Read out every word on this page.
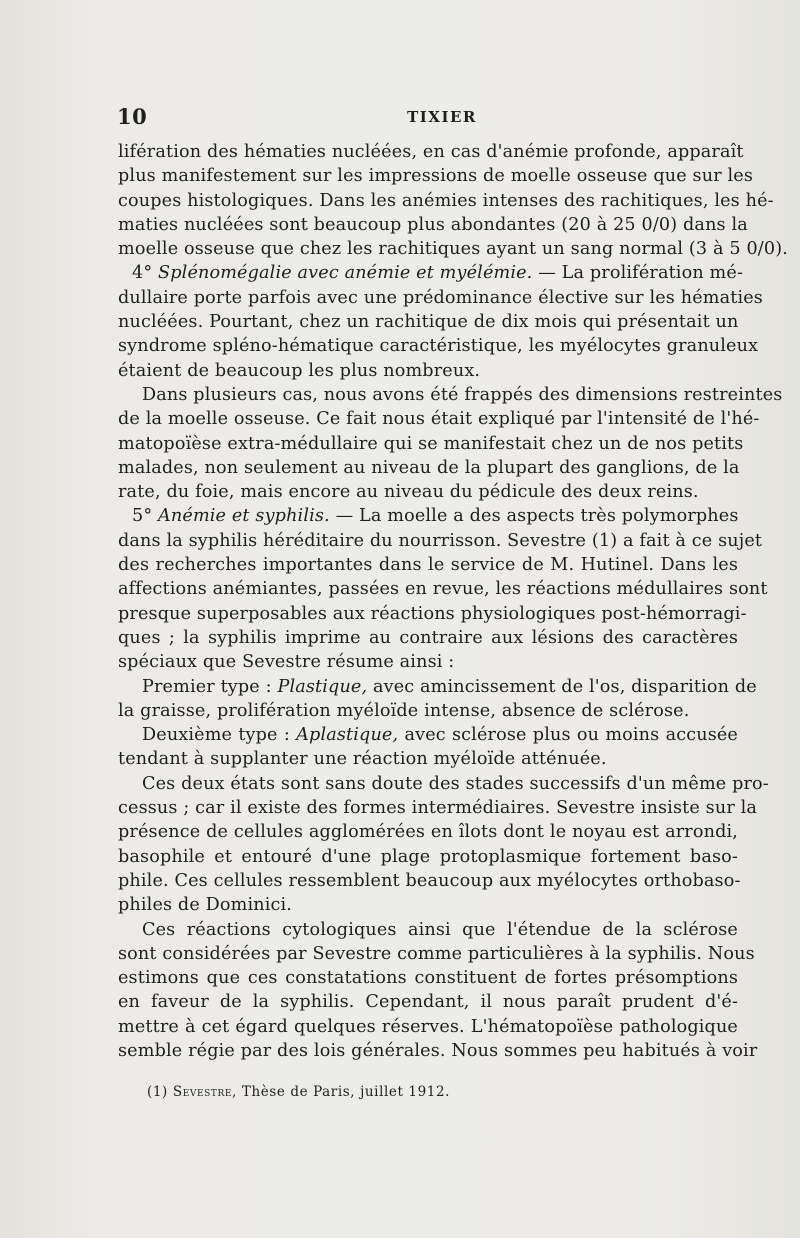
10	TIXIER
lifération des hématies nucléées, en cas d'anémie profonde, apparaît
plus manifestement sur les impressions de moelle osseuse que sur les
coupes histologiques. Dans les anémies intenses des rachitiques, les hé-
maties nucléées sont beaucoup plus abondantes (20 à 25 0/0) dans la
moelle osseuse que chez les rachitiques ayant un sang normal (3 à 5 0/0).
4° Splénomégalie avec anémie et myélémie. — La prolifération mé-
dullaire porte parfois avec une prédominance élective sur les hématies
nucléées. Pourtant, chez un rachitique de dix mois qui présentait un
syndrome spléno-hématique caractéristique, les myélocytes granuleux
étaient de beaucoup les plus nombreux.
Dans plusieurs cas, nous avons été frappés des dimensions restreintes
de la moelle osseuse. Ce fait nous était expliqué par l'intensité de l'hé-
matopoïèse extra-médullaire qui se manifestait chez un de nos petits
malades, non seulement au niveau de la plupart des ganglions, de la
rate, du foie, mais encore au niveau du pédicule des deux reins.
5° Anémie et syphilis. — La moelle a des aspects très polymorphes
dans la syphilis héréditaire du nourrisson. Sevestre (1) a fait à ce sujet
des recherches importantes dans le service de M. Hutinel. Dans les
affections anémiantes, passées en revue, les réactions médullaires sont
presque superposables aux réactions physiologiques post-hémorragi-
ques ; la syphilis imprime au contraire aux lésions des caractères
spéciaux que Sevestre résume ainsi :
Premier type : Plastique, avec amincissement de l'os, disparition de
la graisse, prolifération myéloïde intense, absence de sclérose.
Deuxième type : Aplastique, avec sclérose plus ou moins accusée
tendant à supplanter une réaction myéloïde atténuée.
Ces deux états sont sans doute des stades successifs d'un même pro-
cessus ; car il existe des formes intermédiaires. Sevestre insiste sur la
présence de cellules agglomérées en îlots dont le noyau est arrondi,
basophile et entouré d'une plage protoplasmique fortement baso-
phile. Ces cellules ressemblent beaucoup aux myélocytes orthobaso-
philes de Dominici.
Ces réactions cytologiques ainsi que l'étendue de la sclérose
sont considérées par Sevestre comme particulières à la syphilis. Nous
estimons que ces constatations constituent de fortes présomptions
en faveur de la syphilis. Cependant, il nous paraît prudent d'é-
mettre à cet égard quelques réserves. L'hématopoïèse pathologique
semble régie par des lois générales. Nous sommes peu habitués à voir
(1) Sevestre, Thèse de Paris, juillet 1912.
